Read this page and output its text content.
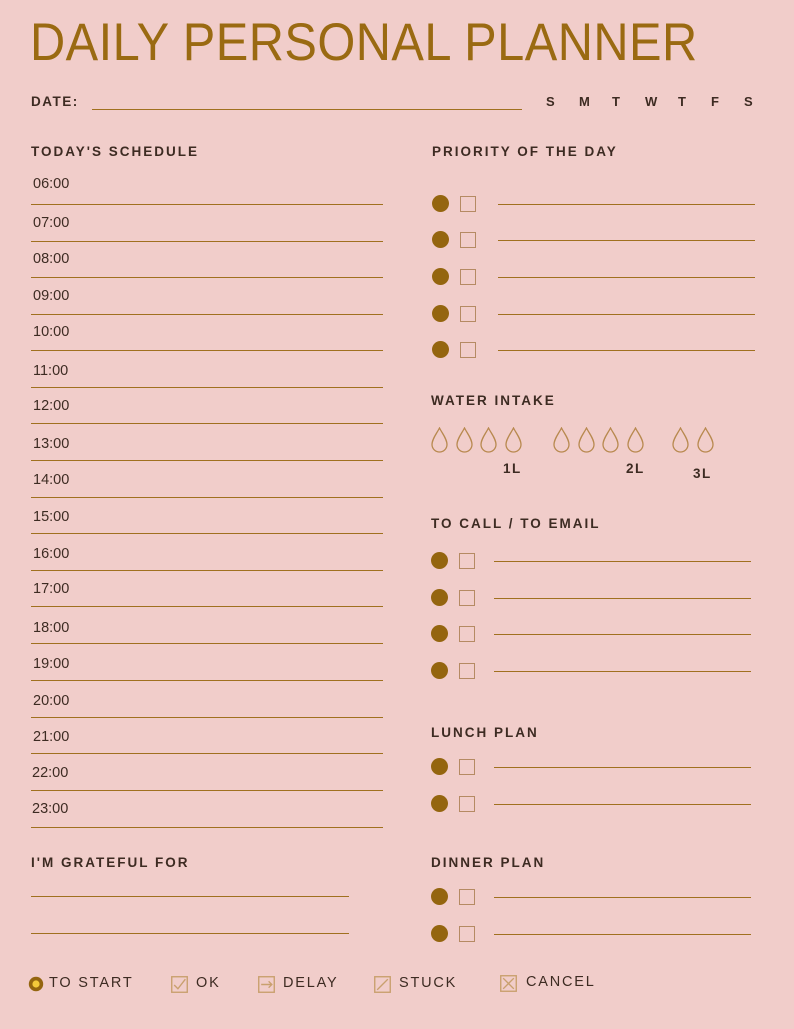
DAILY PERSONAL PLANNER
DATE:	S	M	T	W	T	F	S
TODAY'S SCHEDULE
06:00
07:00
08:00
09:00
10:00
11:00
12:00
13:00
14:00
15:00
16:00
17:00
18:00
19:00
20:00
21:00
22:00
23:00
PRIORITY OF THE DAY
WATER INTAKE
1L	2L	3L
TO CALL / TO EMAIL
LUNCH PLAN
I'M GRATEFUL FOR	DINNER PLAN
TO START	OK	DELAY	STUCK	CANCEL
